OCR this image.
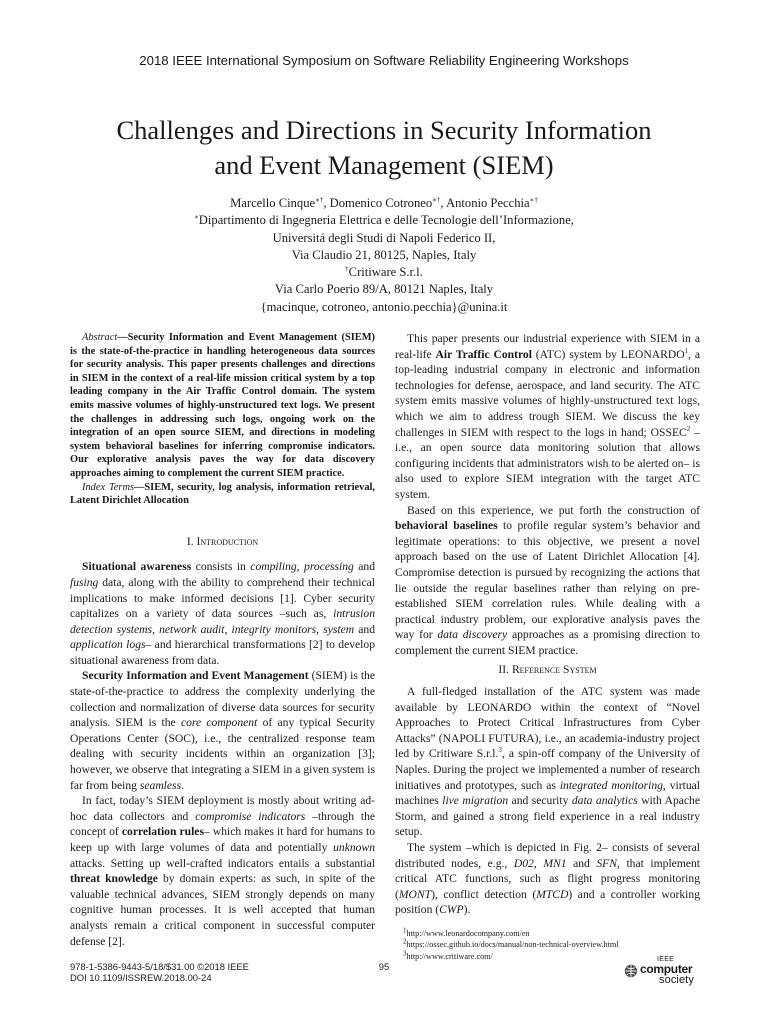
2018 IEEE International Symposium on Software Reliability Engineering Workshops
Challenges and Directions in Security Information
and Event Management (SIEM)
Marcello Cinque∗†, Domenico Cotroneo∗†, Antonio Pecchia∗†
∗Dipartimento di Ingegneria Elettrica e delle Tecnologie dell’Informazione,
Universitá degli Studi di Napoli Federico II,
Via Claudio 21, 80125, Naples, Italy
†Critiware S.r.l.
Via Carlo Poerio 89/A, 80121 Naples, Italy
{macinque, cotroneo, antonio.pecchia}@unina.it

Abstract—Security Information and Event Management (SIEM) is the state-of-the-practice in handling heterogeneous data sources for security analysis. This paper presents challenges and directions in SIEM in the context of a real-life mission critical system by a top leading company in the Air Traffic Control domain. The system emits massive volumes of highly-unstructured text logs. We present the challenges in addressing such logs, ongoing work on the integration of an open source SIEM, and directions in modeling system behavioral baselines for inferring compromise indicators. Our explorative analysis paves the way for data discovery approaches aiming to complement the current SIEM practice.

Index Terms—SIEM, security, log analysis, information retrieval, Latent Dirichlet Allocation

I. Introduction

Situational awareness consists in compiling, processing and fusing data, along with the ability to comprehend their technical implications to make informed decisions [1]. Cyber security capitalizes on a variety of data sources –such as, intrusion detection systems, network audit, integrity monitors, system and application logs– and hierarchical transformations [2] to develop situational awareness from data.

Security Information and Event Management (SIEM) is the state-of-the-practice to address the complexity underlying the collection and normalization of diverse data sources for security analysis. SIEM is the core component of any typical Security Operations Center (SOC), i.e., the centralized response team dealing with security incidents within an organization [3]; however, we observe that integrating a SIEM in a given system is far from being seamless.

In fact, today’s SIEM deployment is mostly about writing ad-hoc data collectors and compromise indicators –through the concept of correlation rules– which makes it hard for humans to keep up with large volumes of data and potentially unknown attacks. Setting up well-crafted indicators entails a substantial threat knowledge by domain experts: as such, in spite of the valuable technical advances, SIEM strongly depends on many cognitive human processes. It is well accepted that human analysts remain a critical component in successful computer defense [2].

This paper presents our industrial experience with SIEM in a real-life Air Traffic Control (ATC) system by LEONARDO$^1$, a top-leading industrial company in electronic and information technologies for defense, aerospace, and land security. The ATC system emits massive volumes of highly-unstructured text logs, which we aim to address trough SIEM. We discuss the key challenges in SIEM with respect to the logs in hand; OSSEC$^2$ –i.e., an open source data monitoring solution that allows configuring incidents that administrators wish to be alerted on– is also used to explore SIEM integration with the target ATC system.

Based on this experience, we put forth the construction of behavioral baselines to profile regular system’s behavior and legitimate operations: to this objective, we present a novel approach based on the use of Latent Dirichlet Allocation [4]. Compromise detection is pursued by recognizing the actions that lie outside the regular baselines rather than relying on pre-established SIEM correlation rules. While dealing with a practical industry problem, our explorative analysis paves the way for data discovery approaches as a promising direction to complement the current SIEM practice.

II. Reference System

A full-fledged installation of the ATC system was made available by LEONARDO within the context of “Novel Approaches to Protect Critical Infrastructures from Cyber Attacks” (NAPOLI FUTURA), i.e., an academia-industry project led by Critiware S.r.l.$^3$, a spin-off company of the University of Naples. During the project we implemented a number of research initiatives and prototypes, such as integrated monitoring, virtual machines live migration and security data analytics with Apache Storm, and gained a strong field experience in a real industry setup.

The system –which is depicted in Fig. 2– consists of several distributed nodes, e.g., D02, MN1 and SFN, that implement critical ATC functions, such as flight progress monitoring (MONT), conflict detection (MTCD) and a controller working position (CWP).

$^1$http://www.leonardocompany.com/en

$^2$https://ossec.github.io/docs/manual/non-technical-overview.html

$^3$http://www.critiware.com/

978-1-5386-9443-5/18/$31.00 ©2018 IEEE
DOI 10.1109/ISSREW.2018.00-24
95
IEEE
computer
society
